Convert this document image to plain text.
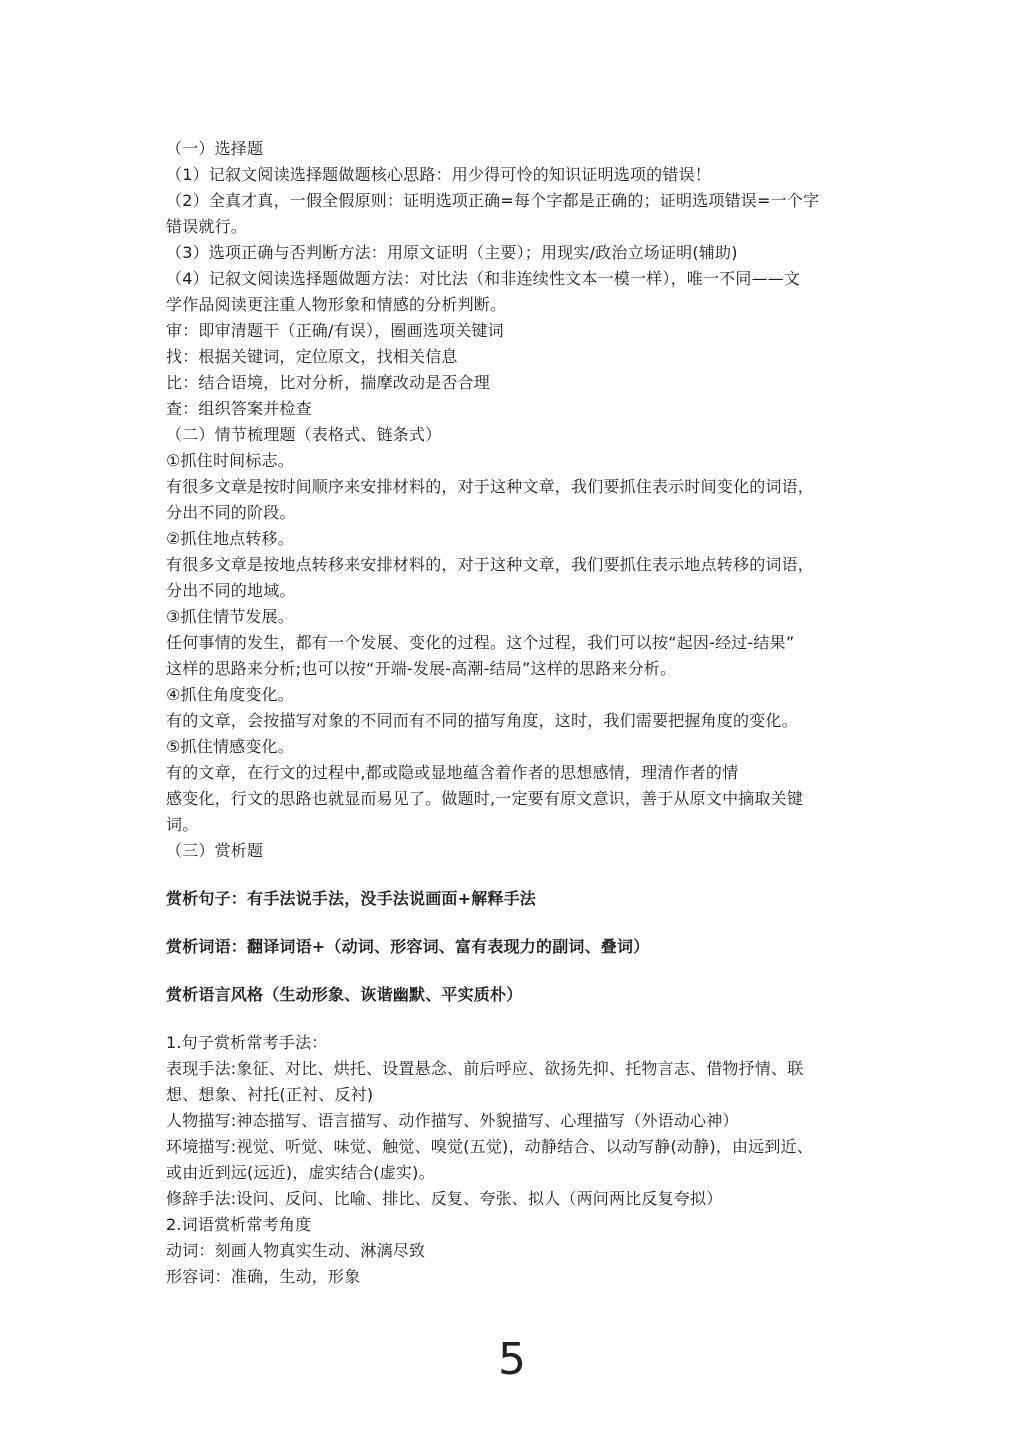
（一）选择题
（1）记叙文阅读选择题做题核心思路：用少得可怜的知识证明选项的错误！
（2）全真才真，一假全假原则：证明选项正确=每个字都是正确的；证明选项错误=一个字
错误就行。
（3）选项正确与否判断方法：用原文证明（主要）；用现实/政治立场证明(辅助)
（4）记叙文阅读选择题做题方法：对比法（和非连续性文本一模一样），唯一不同——文
学作品阅读更注重人物形象和情感的分析判断。
审：即审清题干（正确/有误），圈画选项关键词
找：根据关键词，定位原文，找相关信息
比：结合语境，比对分析，揣摩改动是否合理
查：组织答案并检查
（二）情节梳理题（表格式、链条式）
①抓住时间标志。
有很多文章是按时间顺序来安排材料的，对于这种文章，我们要抓住表示时间变化的词语，
分出不同的阶段。
②抓住地点转移。
有很多文章是按地点转移来安排材料的，对于这种文章，我们要抓住表示地点转移的词语，
分出不同的地域。
③抓住情节发展。
任何事情的发生，都有一个发展、变化的过程。这个过程，我们可以按“起因-经过-结果”
这样的思路来分析;也可以按“开端-发展-高潮-结局”这样的思路来分析。
④抓住角度变化。
有的文章，会按描写对象的不同而有不同的描写角度，这时，我们需要把握角度的变化。
⑤抓住情感变化。
有的文章，在行文的过程中,都或隐或显地蕴含着作者的思想感情，理清作者的情
感变化，行文的思路也就显而易见了。做题时,一定要有原文意识，善于从原文中摘取关键
词。
（三）赏析题
赏析句子：有手法说手法，没手法说画面+解释手法
赏析词语：翻译词语+（动词、形容词、富有表现力的副词、叠词）
赏析语言风格（生动形象、诙谐幽默、平实质朴）
1.句子赏析常考手法：
表现手法:象征、对比、烘托、设置悬念、前后呼应、欲扬先抑、托物言志、借物抒情、联
想、想象、衬托(正衬、反衬)
人物描写:神态描写、语言描写、动作描写、外貌描写、心理描写（外语动心神）
环境描写:视觉、听觉、味觉、触觉、嗅觉(五觉)，动静结合、以动写静(动静)，由远到近、
或由近到远(远近)，虚实结合(虚实)。
修辞手法:设问、反问、比喻、排比、反复、夸张、拟人（两问两比反复夸拟）
2.词语赏析常考角度
动词：刻画人物真实生动、淋漓尽致
形容词：准确，生动，形象
5
